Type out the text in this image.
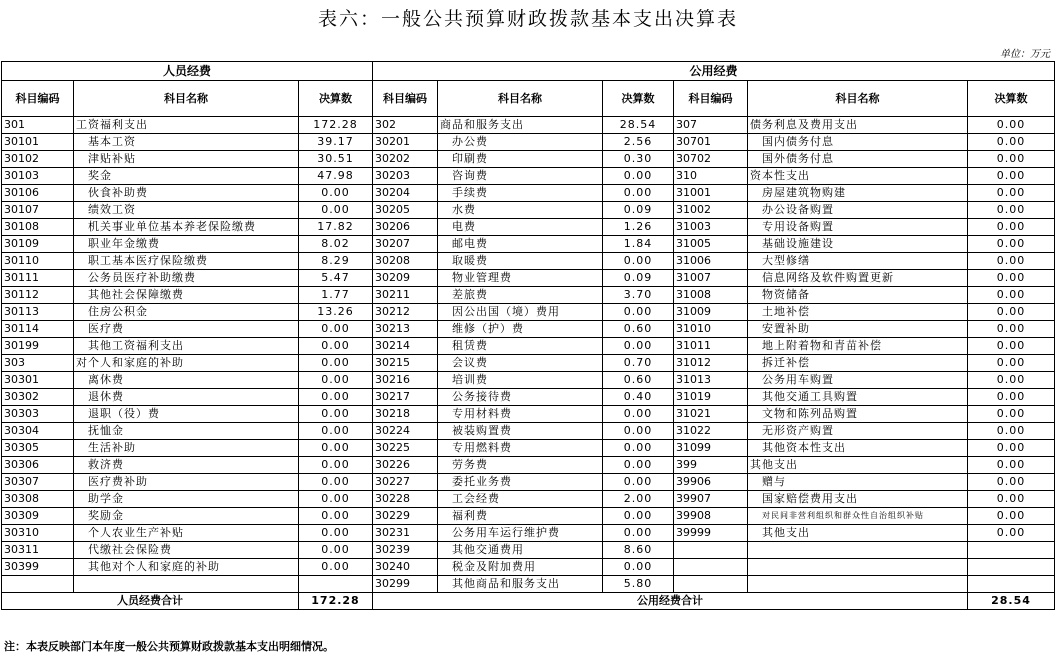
表六：一般公共预算财政拨款基本支出决算表
单位：万元
人员经费			公用经费					
科目编码	科目名称	决算数	科目编码	科目名称	决算数	科目编码	科目名称	决算数
301	工资福利支出	172.28	302	商品和服务支出	28.54	307	债务利息及费用支出	0.00
30101	基本工资	39.17	30201	办公费	2.56	30701	国内债务付息	0.00
30102	津贴补贴	30.51	30202	印刷费	0.30	30702	国外债务付息	0.00
30103	奖金	47.98	30203	咨询费	0.00	310	资本性支出	0.00
30106	伙食补助费	0.00	30204	手续费	0.00	31001	房屋建筑物购建	0.00
30107	绩效工资	0.00	30205	水费	0.09	31002	办公设备购置	0.00
30108	机关事业单位基本养老保险缴费	17.82	30206	电费	1.26	31003	专用设备购置	0.00
30109	职业年金缴费	8.02	30207	邮电费	1.84	31005	基础设施建设	0.00
30110	职工基本医疗保险缴费	8.29	30208	取暖费	0.00	31006	大型修缮	0.00
30111	公务员医疗补助缴费	5.47	30209	物业管理费	0.09	31007	信息网络及软件购置更新	0.00
30112	其他社会保障缴费	1.77	30211	差旅费	3.70	31008	物资储备	0.00
30113	住房公积金	13.26	30212	因公出国（境）费用	0.00	31009	土地补偿	0.00
30114	医疗费	0.00	30213	维修（护）费	0.60	31010	安置补助	0.00
30199	其他工资福利支出	0.00	30214	租赁费	0.00	31011	地上附着物和青苗补偿	0.00
303	对个人和家庭的补助	0.00	30215	会议费	0.70	31012	拆迁补偿	0.00
30301	离休费	0.00	30216	培训费	0.60	31013	公务用车购置	0.00
30302	退休费	0.00	30217	公务接待费	0.40	31019	其他交通工具购置	0.00
30303	退职（役）费	0.00	30218	专用材料费	0.00	31021	文物和陈列品购置	0.00
30304	抚恤金	0.00	30224	被装购置费	0.00	31022	无形资产购置	0.00
30305	生活补助	0.00	30225	专用燃料费	0.00	31099	其他资本性支出	0.00
30306	救济费	0.00	30226	劳务费	0.00	399	其他支出	0.00
30307	医疗费补助	0.00	30227	委托业务费	0.00	39906	赠与	0.00
30308	助学金	0.00	30228	工会经费	2.00	39907	国家赔偿费用支出	0.00
30309	奖励金	0.00	30229	福利费	0.00	39908	对民间非营利组织和群众性自治组织补贴	0.00
30310	个人农业生产补贴	0.00	30231	公务用车运行维护费	0.00	39999	其他支出	0.00
30311	代缴社会保险费	0.00	30239	其他交通费用	8.60			
30399	其他对个人和家庭的补助	0.00	30240	税金及附加费用	0.00			
			30299	其他商品和服务支出	5.80			
人员经费合计		172.28	公用经费合计					28.54
注：本表反映部门本年度一般公共预算财政拨款基本支出明细情况。
